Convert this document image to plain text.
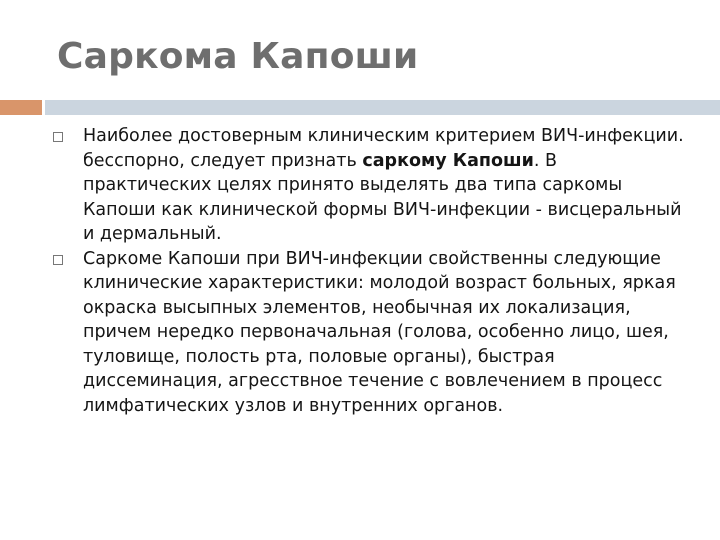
Саркома Капоши
Наиболее достоверным клиническим критерием ВИЧ-инфекции. бесспорно, следует признать саркому Капоши. В практических целях принято выделять два типа саркомы Капоши как клинической формы ВИЧ-инфекции - висцеральный и дермальный.
Саркоме Капоши при ВИЧ-инфекции свойственны следующие клинические характеристики: молодой возраст больных, яркая окраска высыпных элементов, необычная их локализация, причем нередко первоначальная (голова, особенно лицо, шея, туловище, полость рта, половые органы), быстрая диссеминация, агресствное течение с вовлечением в процесс лимфатических узлов и внутренних органов.
